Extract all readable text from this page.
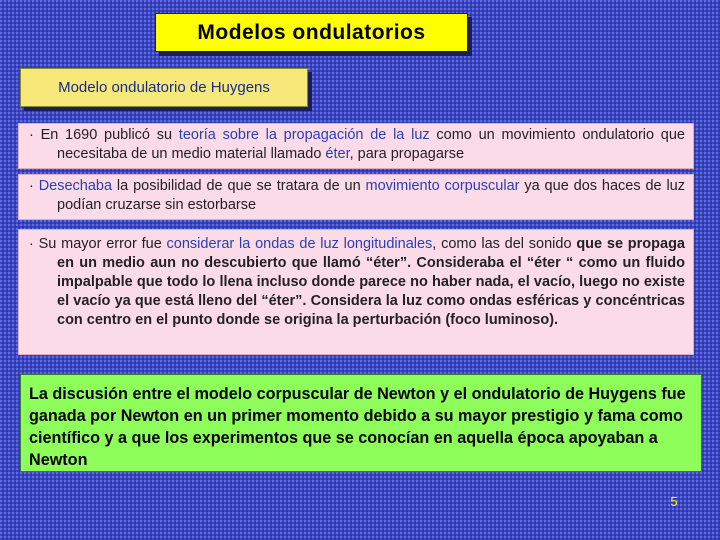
Modelos ondulatorios
Modelo ondulatorio de Huygens
· En 1690 publicó su teoría sobre la propagación de la luz como un movimiento ondulatorio que necesitaba de un medio material llamado éter, para propagarse
· Desechaba la posibilidad de que se tratara de un movimiento corpuscular ya que dos haces de luz podían cruzarse sin estorbarse
· Su mayor error fue considerar la ondas de luz longitudinales, como las del sonido que se propaga en un medio aun no descubierto que llamó “éter”. Consideraba el “éter “ como un fluido impalpable que todo lo llena incluso donde parece no haber nada, el vacío, luego no existe el vacío ya que está lleno del “éter”. Considera la luz como ondas esféricas y concéntricas con centro en el punto donde se origina la perturbación (foco luminoso).
La discusión entre el modelo corpuscular de Newton y el ondulatorio de Huygens fue ganada por Newton en un primer momento debido a su mayor prestigio y fama como científico y a que los experimentos que se conocían en aquella época apoyaban a Newton
5
